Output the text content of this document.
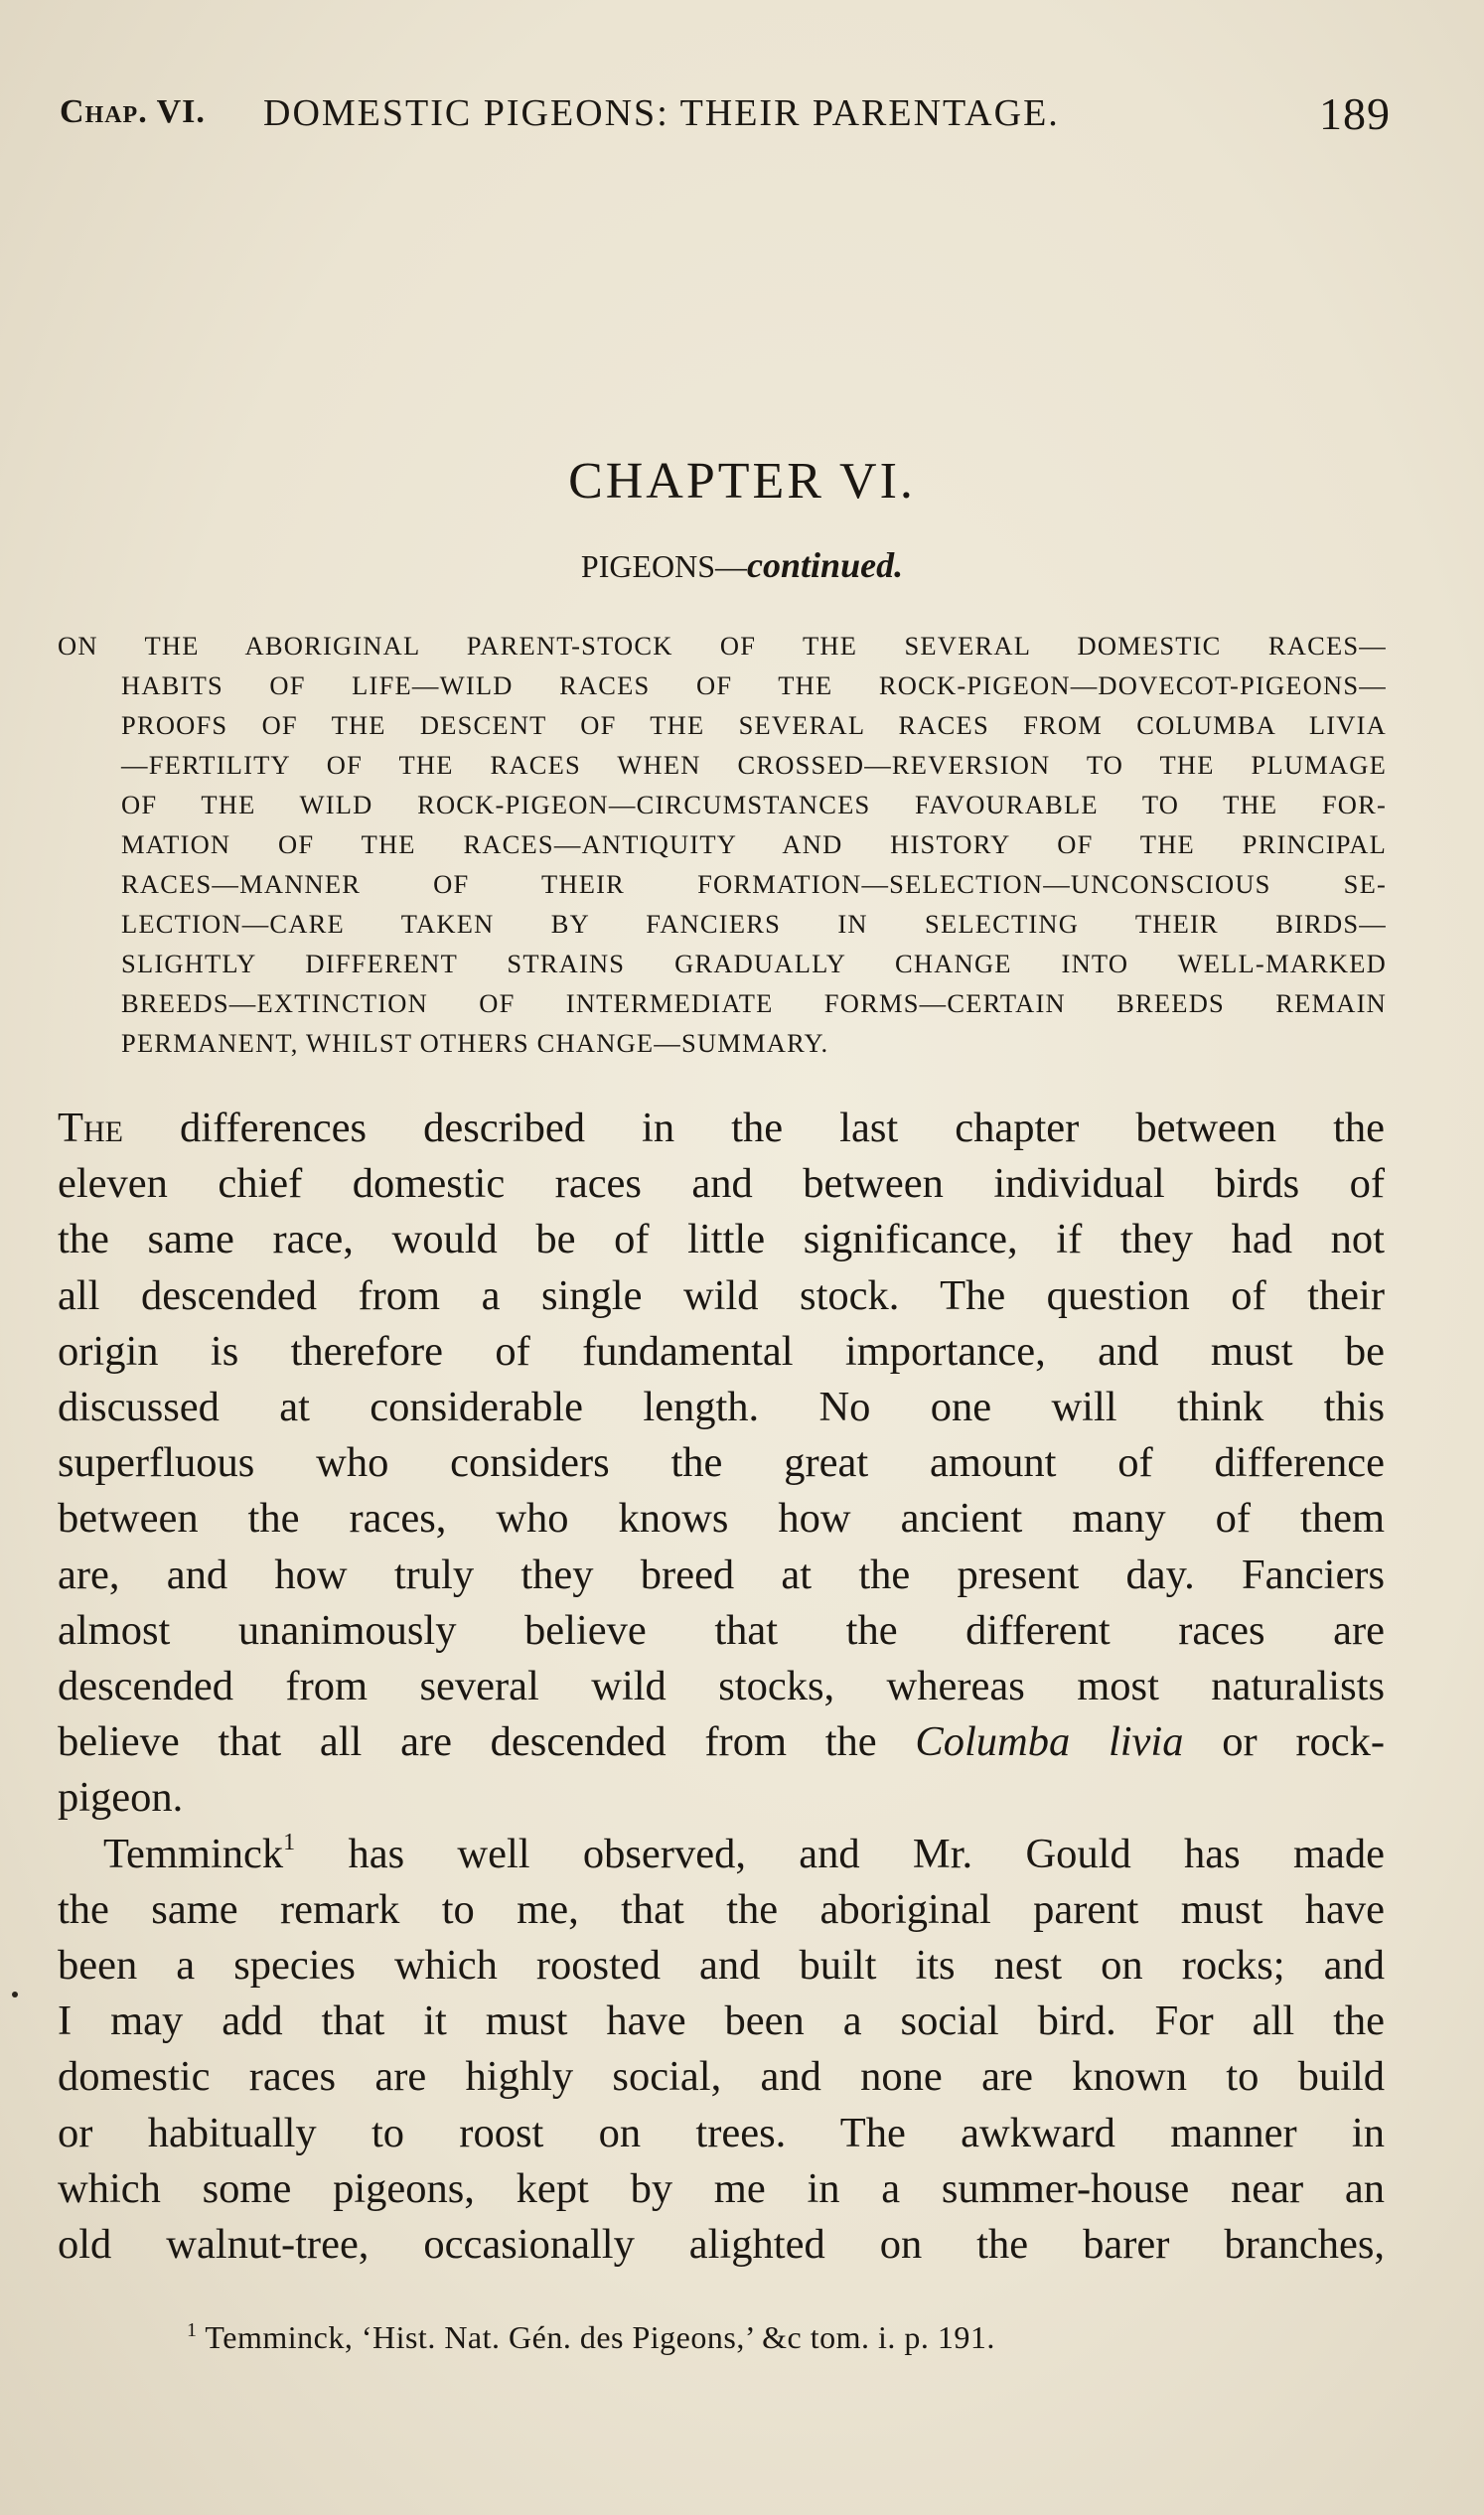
Chap. VI. DOMESTIC PIGEONS: THEIR PARENTAGE.	189
CHAPTER VI.
PIGEONS—continued.
ON THE ABORIGINAL PARENT-STOCK OF THE SEVERAL DOMESTIC RACES—
HABITS OF LIFE—WILD RACES OF THE ROCK-PIGEON—DOVECOT-PIGEONS—
PROOFS OF THE DESCENT OF THE SEVERAL RACES FROM COLUMBA LIVIA
—FERTILITY OF THE RACES WHEN CROSSED—REVERSION TO THE PLUMAGE
OF THE WILD ROCK-PIGEON—CIRCUMSTANCES FAVOURABLE TO THE FOR-
MATION OF THE RACES—ANTIQUITY AND HISTORY OF THE PRINCIPAL
RACES—MANNER OF THEIR FORMATION—SELECTION—UNCONSCIOUS SE-
LECTION—CARE TAKEN BY FANCIERS IN SELECTING THEIR BIRDS—
SLIGHTLY DIFFERENT STRAINS GRADUALLY CHANGE INTO WELL-MARKED
BREEDS—EXTINCTION OF INTERMEDIATE FORMS—CERTAIN BREEDS REMAIN
PERMANENT, WHILST OTHERS CHANGE—SUMMARY.
The differences described in the last chapter between the
eleven chief domestic races and between individual birds of
the same race, would be of little significance, if they had not
all descended from a single wild stock. The question of their
origin is therefore of fundamental importance, and must be
discussed at considerable length. No one will think this
superfluous who considers the great amount of difference
between the races, who knows how ancient many of them
are, and how truly they breed at the present day. Fanciers
almost unanimously believe that the different races are
descended from several wild stocks, whereas most naturalists
believe that all are descended from the Columba livia or rock-
pigeon.
Temminck$^1$ has well observed, and Mr. Gould has made
the same remark to me, that the aboriginal parent must have
been a species which roosted and built its nest on rocks; and
I may add that it must have been a social bird. For all the
domestic races are highly social, and none are known to build
or habitually to roost on trees. The awkward manner in
which some pigeons, kept by me in a summer-house near an
old walnut-tree, occasionally alighted on the barer branches,
$^1$ Temminck, ‘Hist. Nat. Gén. des Pigeons,’ &c tom. i. p. 191.
